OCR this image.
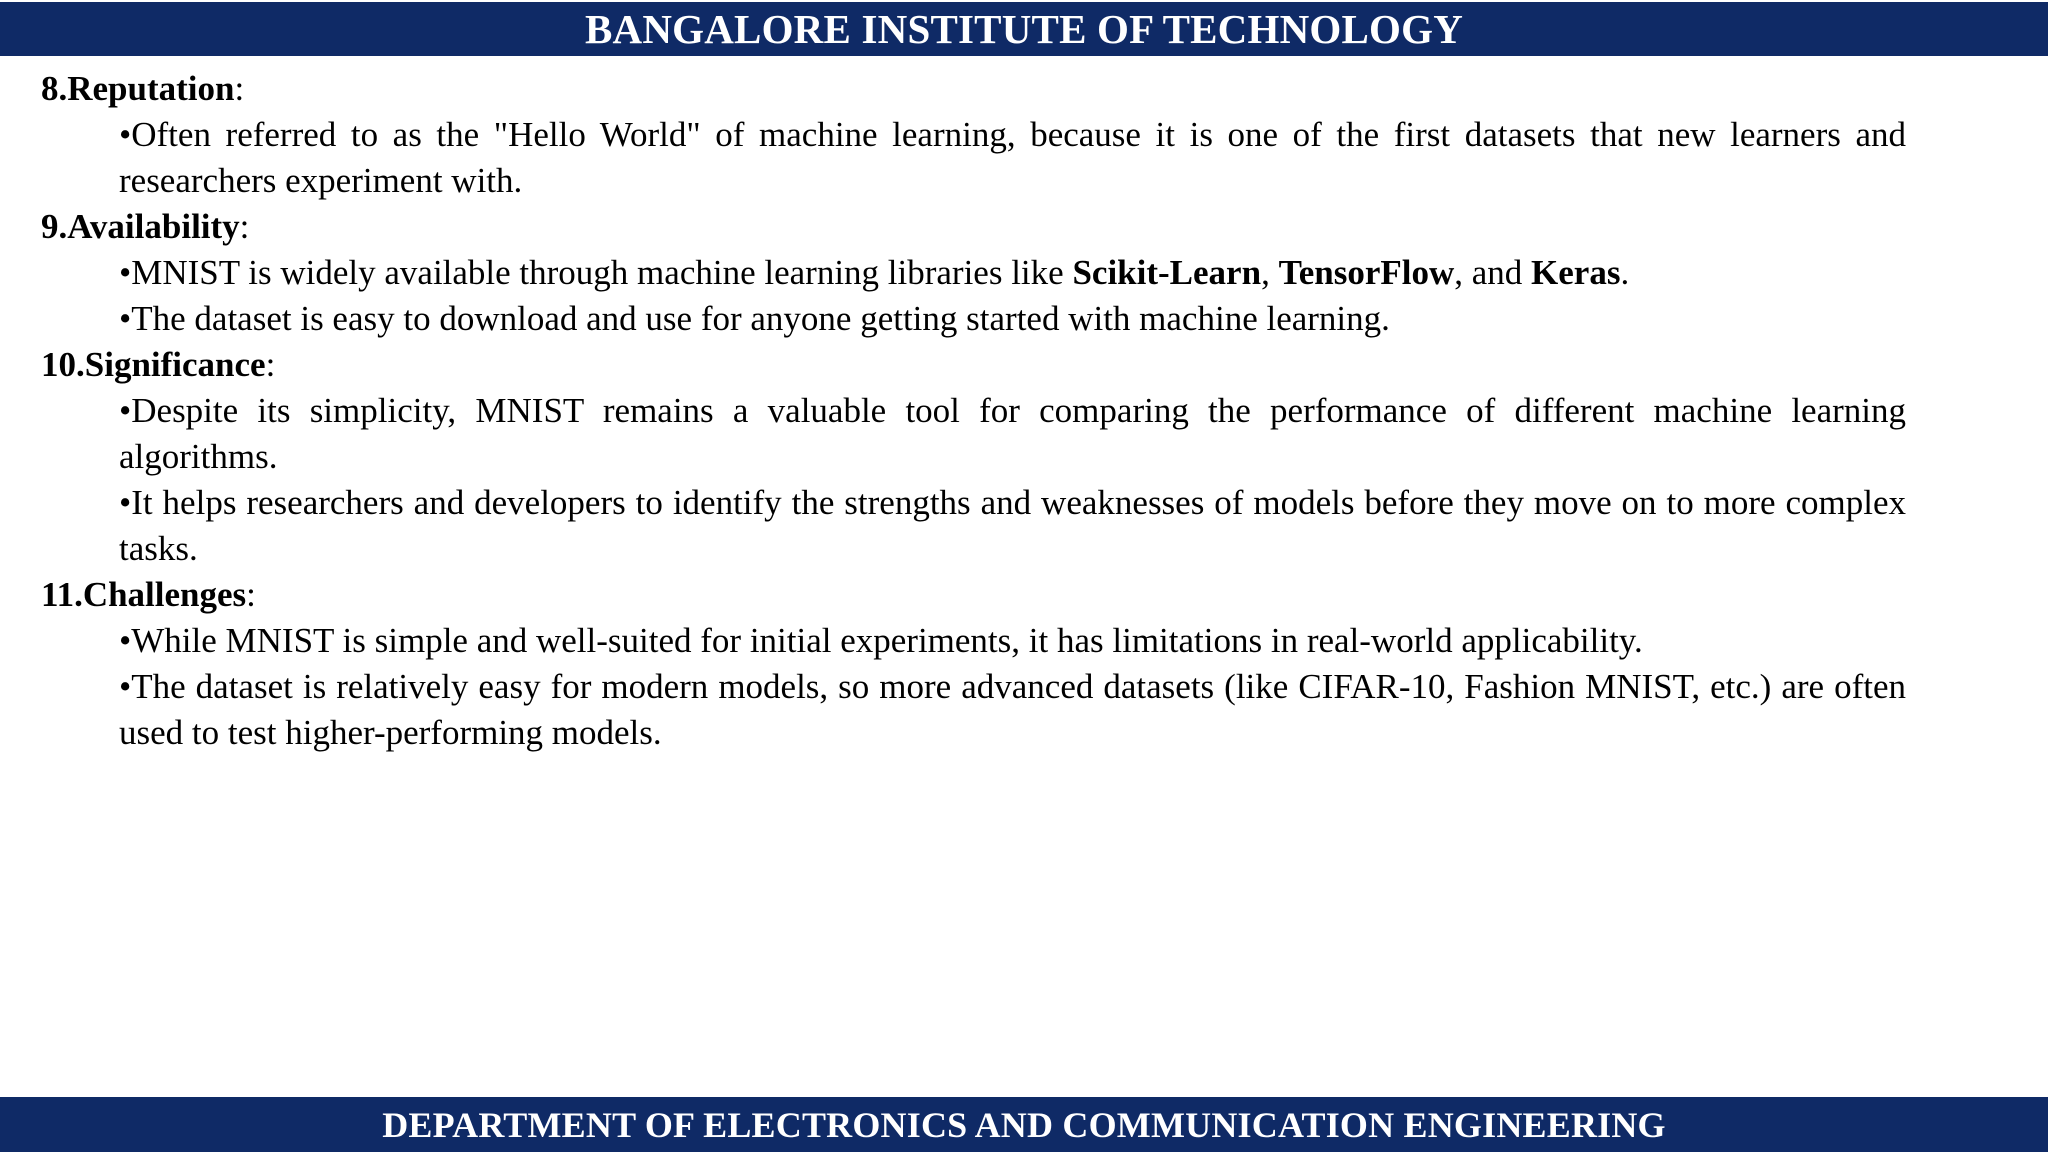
BANGALORE INSTITUTE OF TECHNOLOGY

8.Reputation:

•Often referred to as the "Hello World" of machine learning, because it is one of the first datasets that new learners and researchers experiment with.

9.Availability:

•MNIST is widely available through machine learning libraries like Scikit-Learn, TensorFlow, and Keras.

•The dataset is easy to download and use for anyone getting started with machine learning.

10.Significance:

•Despite its simplicity, MNIST remains a valuable tool for comparing the performance of different machine learning algorithms.

•It helps researchers and developers to identify the strengths and weaknesses of models before they move on to more complex tasks.

11.Challenges:

•While MNIST is simple and well-suited for initial experiments, it has limitations in real-world applicability.

•The dataset is relatively easy for modern models, so more advanced datasets (like CIFAR-10, Fashion MNIST, etc.) are often used to test higher-performing models.

DEPARTMENT OF ELECTRONICS AND COMMUNICATION ENGINEERING
